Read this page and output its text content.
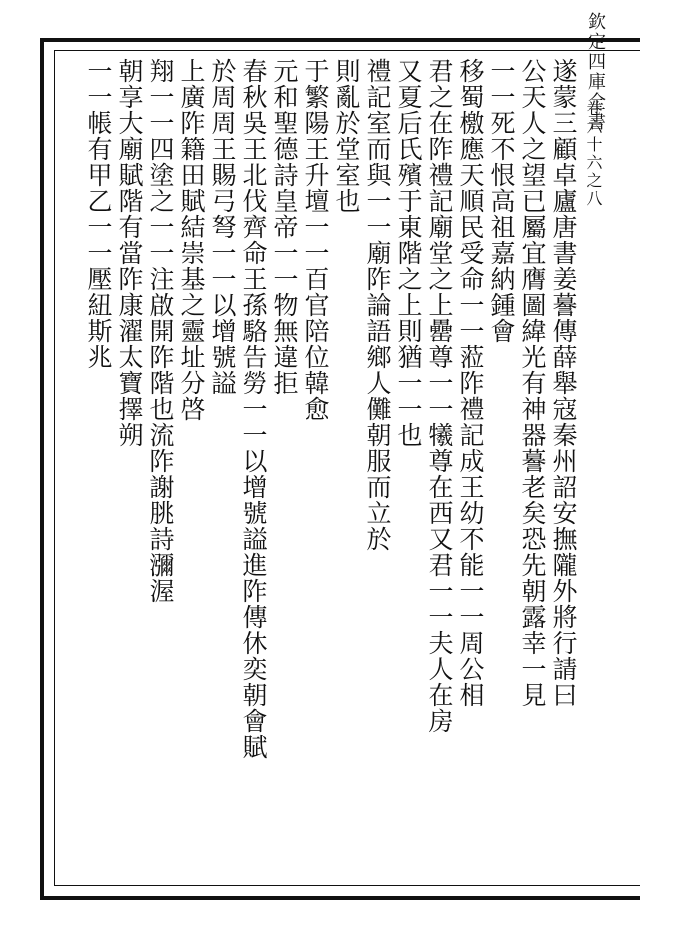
欽定四庫全書
卷六十六之八
遂蒙三顧卓廬唐書姜謩傳薛舉寇秦州詔安撫隴外將行請曰
公天人之望已屬宜膺圖緯光有神器謩老矣恐先朝露幸一見
一一死不恨高祖嘉納鍾會
移蜀檄應天順民受命一一蒞阼禮記成王幼不能一一周公相
君之在阼禮記廟堂之上罍尊一一犧尊在西又君一一夫人在房
又夏后氏殯于東階之上則猶一一也
禮記室而與一一廟阼論語鄉人儺朝服而立於
則亂於堂室也
于繁陽王升壇一一百官陪位韓愈
元和聖德詩皇帝一一物無違拒
春秋吳王北伐齊命王孫駱告勞一一以增號謚進阼傳休奕朝會賦
於周周王賜弓弩一一以增號謚
上廣阼籍田賦結崇基之靈址分啓
翔一一四塗之一一注啟開阼階也流阼謝朓詩瀰渥
朝享大廟賦階有當阼康濯太寶擇朔
一一帳有甲乙一一壓紐斯兆
